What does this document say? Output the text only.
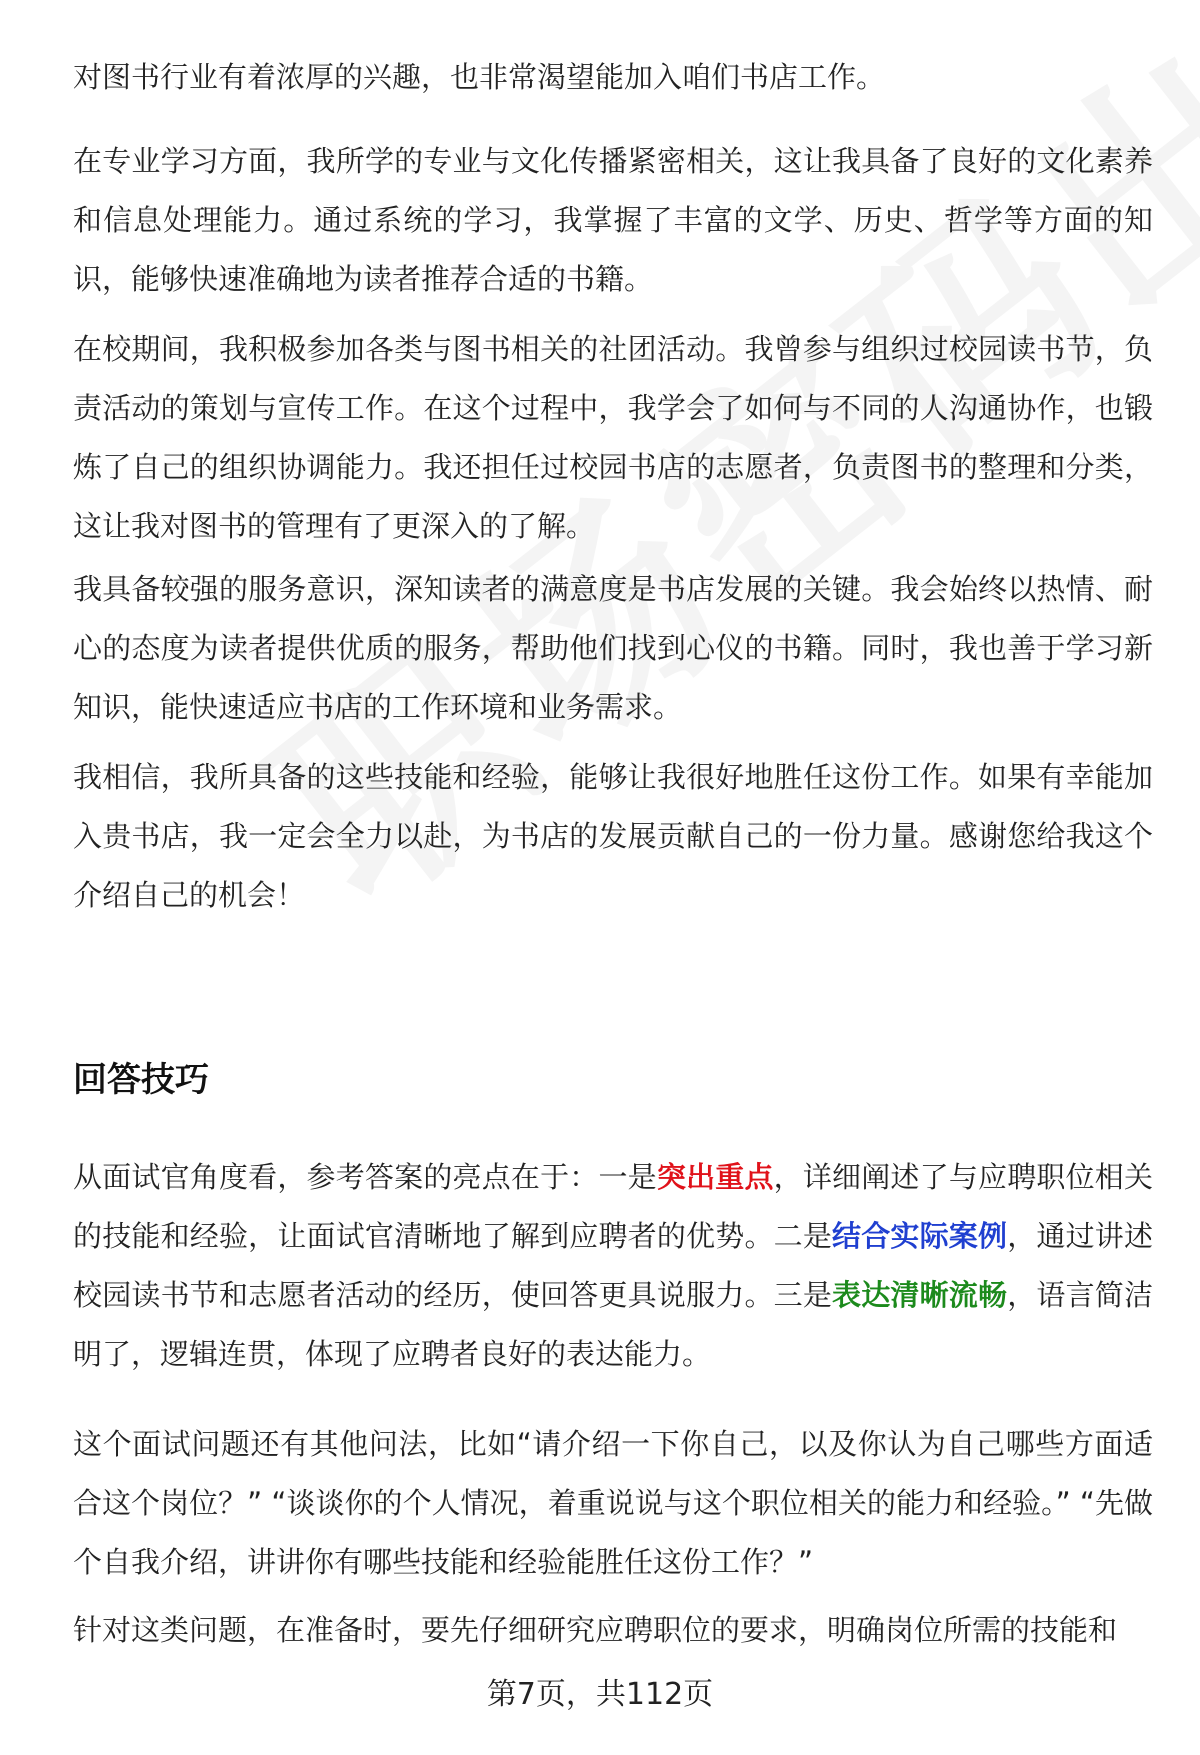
对图书行业有着浓厚的兴趣，也非常渴望能加入咱们书店工作。

在专业学习方面，我所学的专业与文化传播紧密相关，这让我具备了良好的文化素养和信息处理能力。通过系统的学习，我掌握了丰富的文学、历史、哲学等方面的知识，能够快速准确地为读者推荐合适的书籍。

在校期间，我积极参加各类与图书相关的社团活动。我曾参与组织过校园读书节，负责活动的策划与宣传工作。在这个过程中，我学会了如何与不同的人沟通协作，也锻炼了自己的组织协调能力。我还担任过校园书店的志愿者，负责图书的整理和分类，这让我对图书的管理有了更深入的了解。

我具备较强的服务意识，深知读者的满意度是书店发展的关键。我会始终以热情、耐心的态度为读者提供优质的服务，帮助他们找到心仪的书籍。同时，我也善于学习新知识，能快速适应书店的工作环境和业务需求。

我相信，我所具备的这些技能和经验，能够让我很好地胜任这份工作。如果有幸能加入贵书店，我一定会全力以赴，为书店的发展贡献自己的一份力量。感谢您给我这个介绍自己的机会！

回答技巧

从面试官角度看，参考答案的亮点在于：一是突出重点，详细阐述了与应聘职位相关的技能和经验，让面试官清晰地了解到应聘者的优势。二是结合实际案例，通过讲述校园读书节和志愿者活动的经历，使回答更具说服力。三是表达清晰流畅，语言简洁明了，逻辑连贯，体现了应聘者良好的表达能力。

这个面试问题还有其他问法，比如“请介绍一下你自己，以及你认为自己哪些方面适合这个岗位？” “谈谈你的个人情况，着重说说与这个职位相关的能力和经验。” “先做个自我介绍，讲讲你有哪些技能和经验能胜任这份工作？”

针对这类问题，在准备时，要先仔细研究应聘职位的要求，明确岗位所需的技能和

第7页，共112页
